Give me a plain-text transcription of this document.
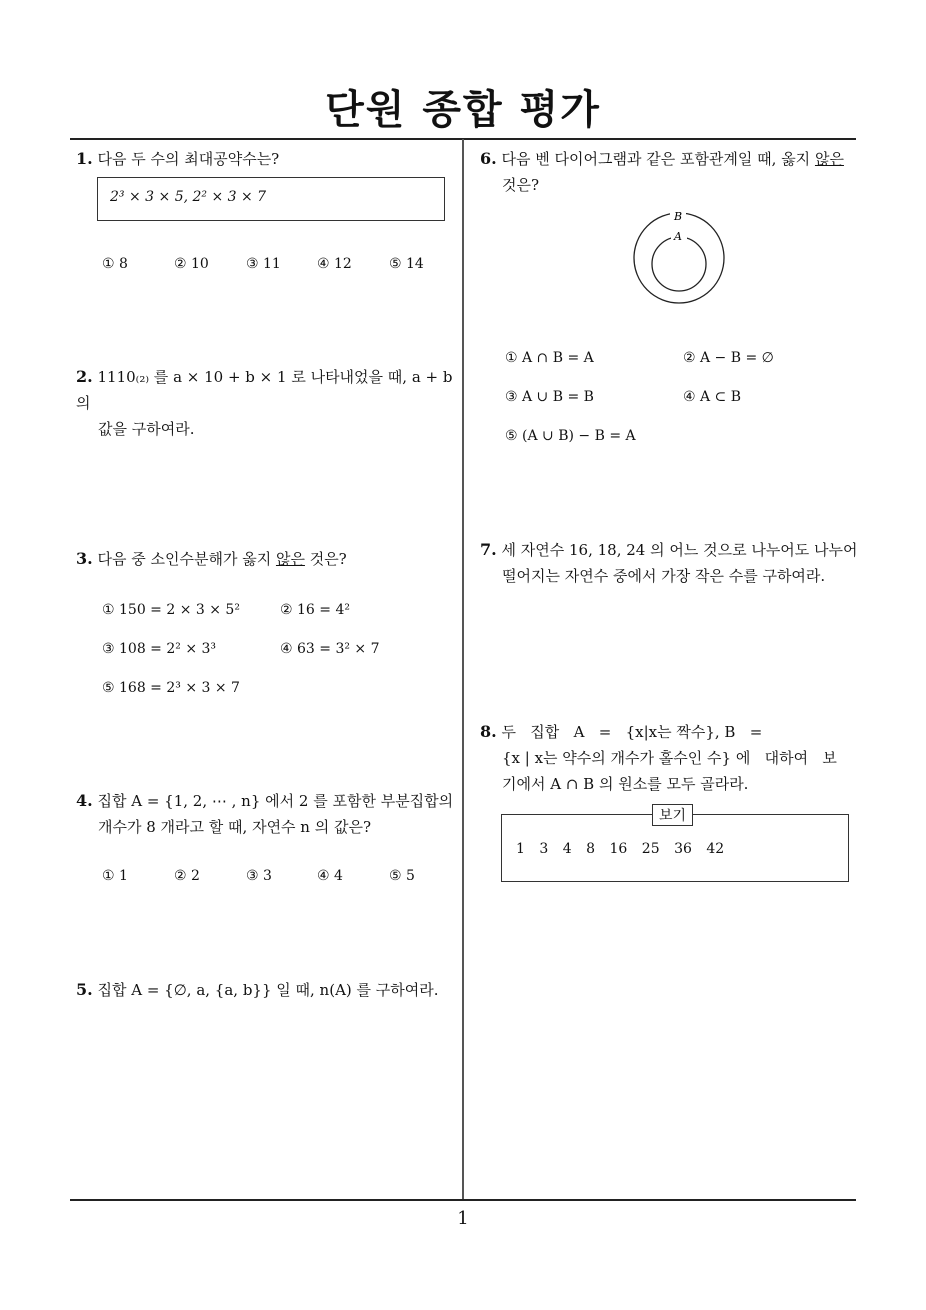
단원 종합 평가
1
1. 다음 두 수의 최대공약수는?
2³ × 3 × 5, 2² × 3 × 7
① 8	② 10	③ 11	④ 12	⑤ 14
2. 1110₍₂₎ 를 a × 10 + b × 1 로 나타내었을 때, a + b 의
값을 구하여라.
3. 다음 중 소인수분해가 옳지 않은 것은?
① 150 = 2 × 3 × 5²	② 16 = 4²
③ 108 = 2² × 3³	④ 63 = 3² × 7
⑤ 168 = 2³ × 3 × 7
4. 집합 A = {1, 2, ⋯ , n} 에서 2 를 포함한 부분집합의
개수가 8 개라고 할 때, 자연수 n 의 값은?
① 1	② 2	③ 3	④ 4	⑤ 5
5. 집합 A = {∅, a, {a, b}} 일 때, n(A) 를 구하여라.
6. 다음 벤 다이어그램과 같은 포함관계일 때, 옳지 않은
것은?
B
A
① A ∩ B = A	② A − B = ∅
③ A ∪ B = B	④ A ⊂ B
⑤ (A ∪ B) − B = A
7. 세 자연수 16, 18, 24 의 어느 것으로 나누어도 나누어
떨어지는 자연수 중에서 가장 작은 수를 구하여라.
8. 두   집합   A   =   {x|x는 짝수}, B   =
{x | x는 약수의 개수가 홀수인 수} 에   대하여   보
기에서 A ∩ B 의 원소를 모두 골라라.
보기
1 3 4 8 16 25 36 42
